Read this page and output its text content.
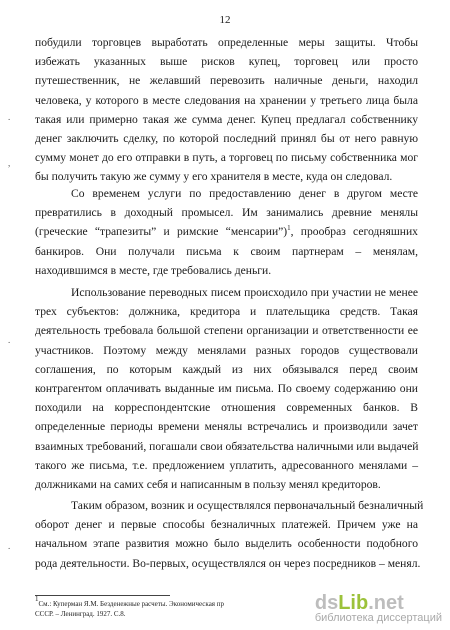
12
побудили торговцев выработать определенные меры защиты. Чтобы
избежать указанных выше рисков купец, торговец или просто
путешественник, не желавший перевозить наличные деньги, находил
человека, у которого в месте следования на хранении у третьего лица была
такая или примерно такая же сумма денег. Купец предлагал собственнику
денег заключить сделку, по которой последний принял бы от него равную
сумму монет до его отправки в путь, а торговец по письму собственника мог
бы получить такую же сумму у его хранителя в месте, куда он следовал.
Со временем услуги по предоставлению денег в другом месте
превратились в доходный промысел. Им занимались древние менялы
(греческие “трапезиты” и римские “менсарии”)$^1$, прообраз сегодняшних
банкиров. Они получали письма к своим партнерам – менялам,
находившимся в месте, где требовались деньги.
Использование переводных писем происходило при участии не менее
трех субъектов: должника, кредитора и плательщика средств. Такая
деятельность требовала большой степени организации и ответственности ее
участников. Поэтому между менялами разных городов существовали
соглашения, по которым каждый из них обязывался перед своим
контрагентом оплачивать выданные им письма. По своему содержанию они
походили на корреспондентские отношения современных банков. В
определенные периоды времени менялы встречались и производили зачет
взаимных требований, погашали свои обязательства наличными или выдачей
такого же письма, т.е. предложением уплатить, адресованного менялами –
должниками на самих себя и написанным в пользу менял кредиторов.
Таким образом, возник и осуществлялся первоначальный безналичный
оборот денег и первые способы безналичных платежей. Причем уже на
начальном этапе развития можно было выделить особенности подобного
рода деятельности. Во-первых, осуществлялся он через посредников – менял.
$^1$См.: Куперман Я.М. Безденежные расчеты. Экономическая пр
СССР. – Ленинград. 1927. С.8.
.
,
.
.
ds Lib .net
библиотека диссертаций
